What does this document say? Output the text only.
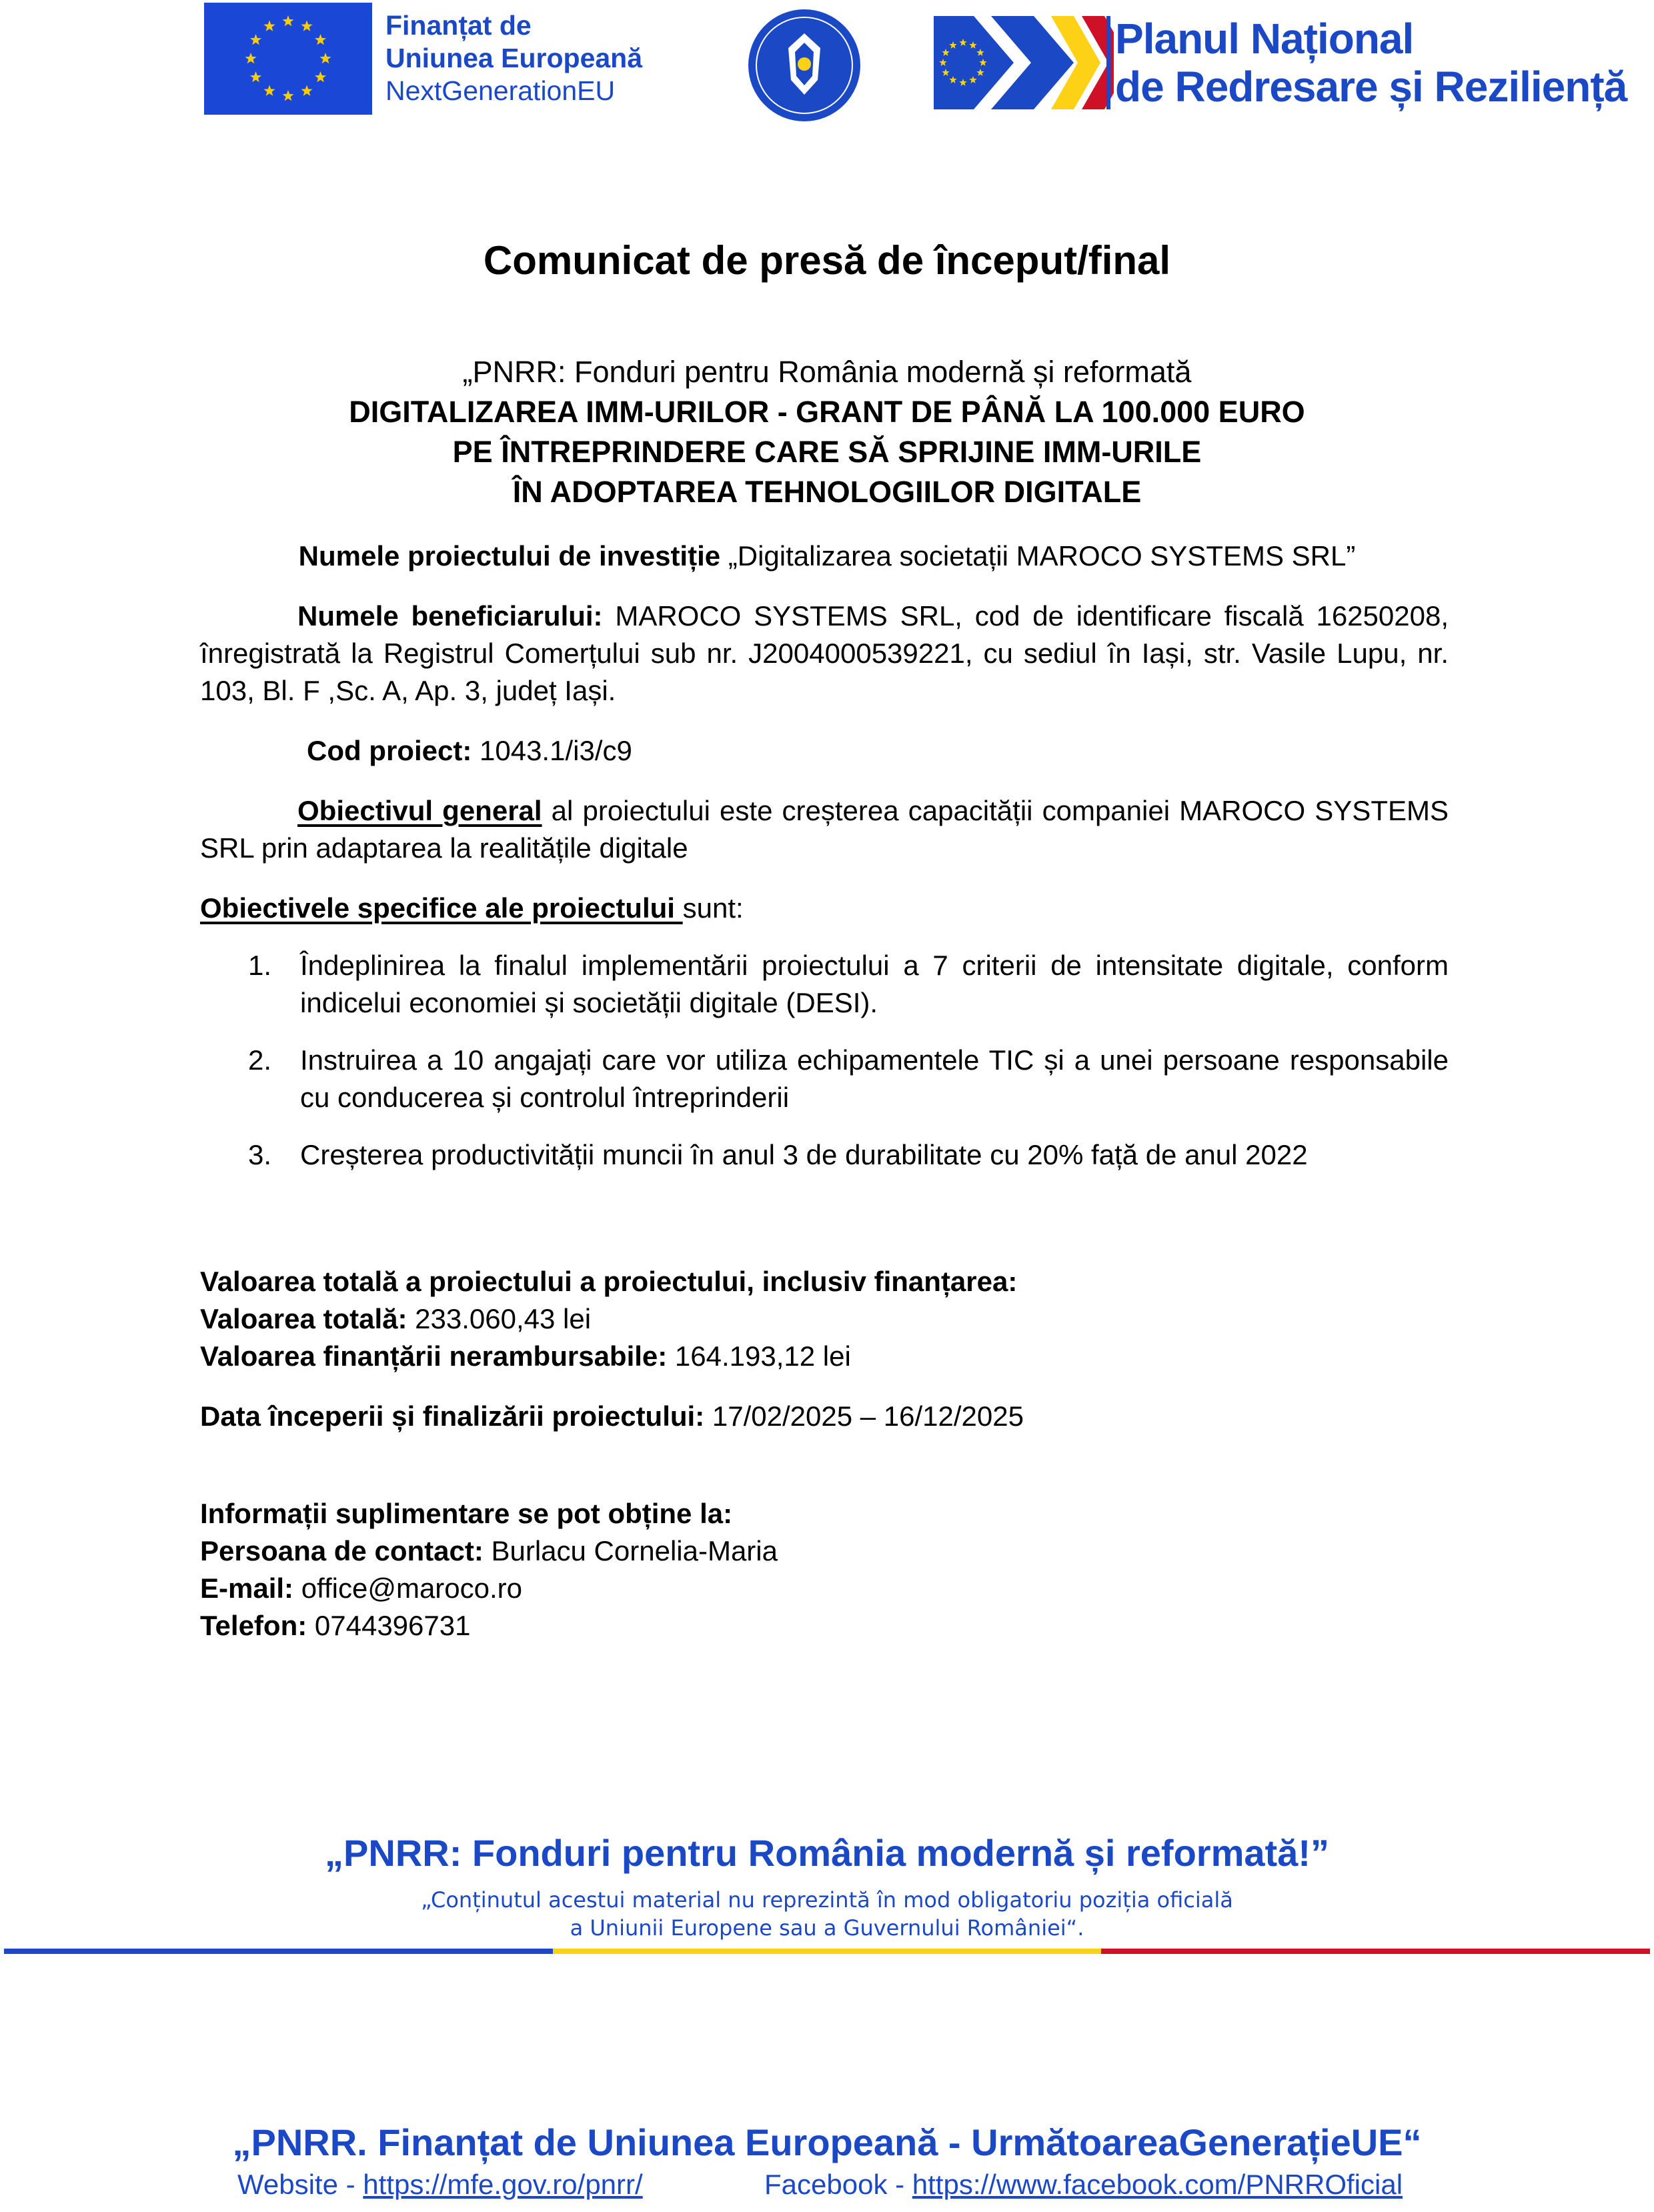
Finanțat de
Uniunea Europeană
NextGenerationEU
Planul Național
de Redresare și Reziliență
Comunicat de presă de început/final
„PNRR: Fonduri pentru România modernă și reformată
DIGITALIZAREA IMM-URILOR - GRANT DE PÂNĂ LA 100.000 EURO
PE ÎNTREPRINDERE CARE SĂ SPRIJINE IMM-URILE
ÎN ADOPTAREA TEHNOLOGIILOR DIGITALE
Numele proiectului de investiție „Digitalizarea societații MAROCO SYSTEMS SRL”
Numele beneficiarului: MAROCO SYSTEMS SRL, cod de identificare fiscală 16250208, înregistrată la Registrul Comerțului sub nr. J2004000539221, cu sediul în Iași, str. Vasile Lupu, nr. 103, Bl. F ,Sc. A, Ap. 3, județ Iași.
Cod proiect: 1043.1/i3/c9
Obiectivul general al proiectului este creșterea capacității companiei MAROCO SYSTEMS SRL prin adaptarea la realitățile digitale
Obiectivele specifice ale proiectului sunt:
1.	Îndeplinirea la finalul implementării proiectului a 7 criterii de intensitate digitale, conform indicelui economiei și societății digitale (DESI).
2.	Instruirea a 10 angajați care vor utiliza echipamentele TIC și a unei persoane responsabile cu conducerea și controlul întreprinderii
3.	Creșterea productivității muncii în anul 3 de durabilitate cu 20% față de anul 2022
Valoarea totală a proiectului a proiectului, inclusiv finanțarea:
Valoarea totală: 233.060,43 lei
Valoarea finanțării nerambursabile: 164.193,12 lei
Data începerii și finalizării proiectului: 17/02/2025 – 16/12/2025
Informații suplimentare se pot obține la:
Persoana de contact: Burlacu Cornelia-Maria
E-mail: office@maroco.ro
Telefon: 0744396731
„PNRR: Fonduri pentru România modernă și reformată!”
„Conținutul acestui material nu reprezintă în mod obligatoriu poziția oficială
a Uniunii Europene sau a Guvernului României“.
„PNRR. Finanțat de Uniunea Europeană - UrmătoareaGenerațieUE“
Website - https://mfe.gov.ro/pnrr/	Facebook - https://www.facebook.com/PNRROficial
